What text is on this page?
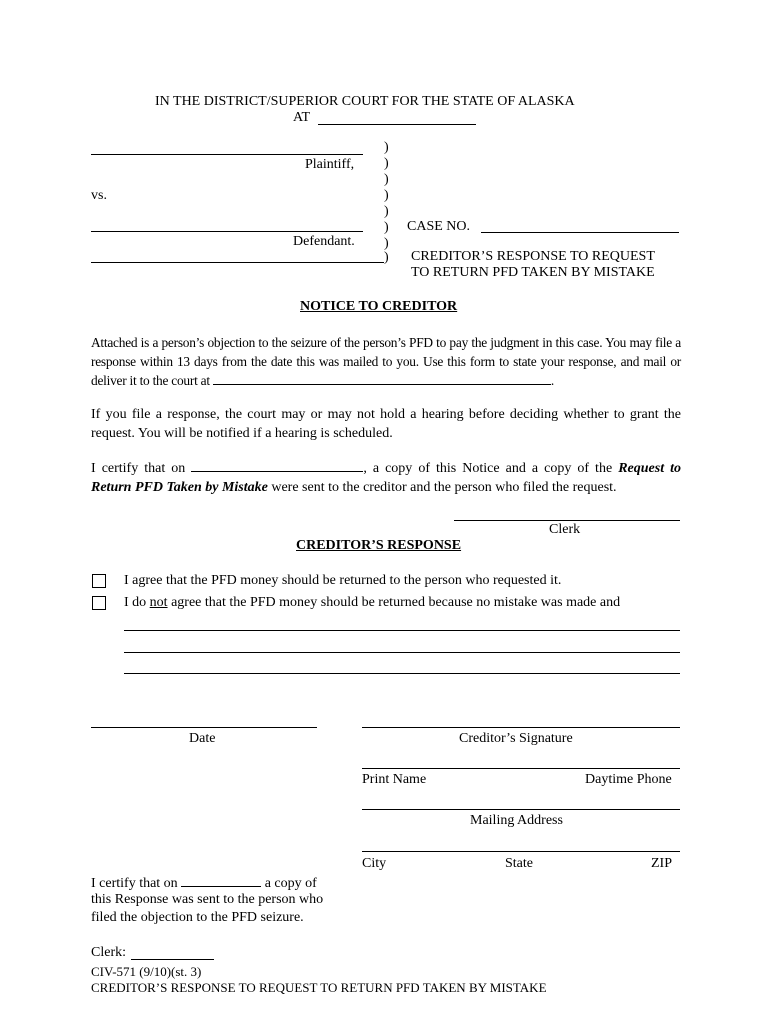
IN THE DISTRICT/SUPERIOR COURT FOR THE STATE OF ALASKA
AT
Plaintiff,
vs.
Defendant.
)
)
)
)
)
)
)
)
CASE NO.
CREDITOR’S RESPONSE TO REQUEST
TO RETURN PFD TAKEN BY MISTAKE
NOTICE TO CREDITOR
Attached is a person’s objection to the seizure of the person’s PFD to pay the judgment in this case. You may file a response within 13 days from the date this was mailed to you. Use this form to state your response, and mail or deliver it to the court at	.
If you file a response, the court may or may not hold a hearing before deciding whether to grant the request. You will be notified if a hearing is scheduled.
I certify that on	, a copy of this Notice and a copy of the Request to Return PFD Taken by Mistake were sent to the creditor and the person who filed the request.
Clerk
CREDITOR’S RESPONSE
I agree that the PFD money should be returned to the person who requested it.
I do not agree that the PFD money should be returned because no mistake was made and
Date	Creditor’s Signature
Print Name	Daytime Phone
Mailing Address
City	State	ZIP
I certify that on	a copy of
this Response was sent to the person who
filed the objection to the PFD seizure.
Clerk:
CIV-571 (9/10)(st. 3)
CREDITOR’S RESPONSE TO REQUEST TO RETURN PFD TAKEN BY MISTAKE
